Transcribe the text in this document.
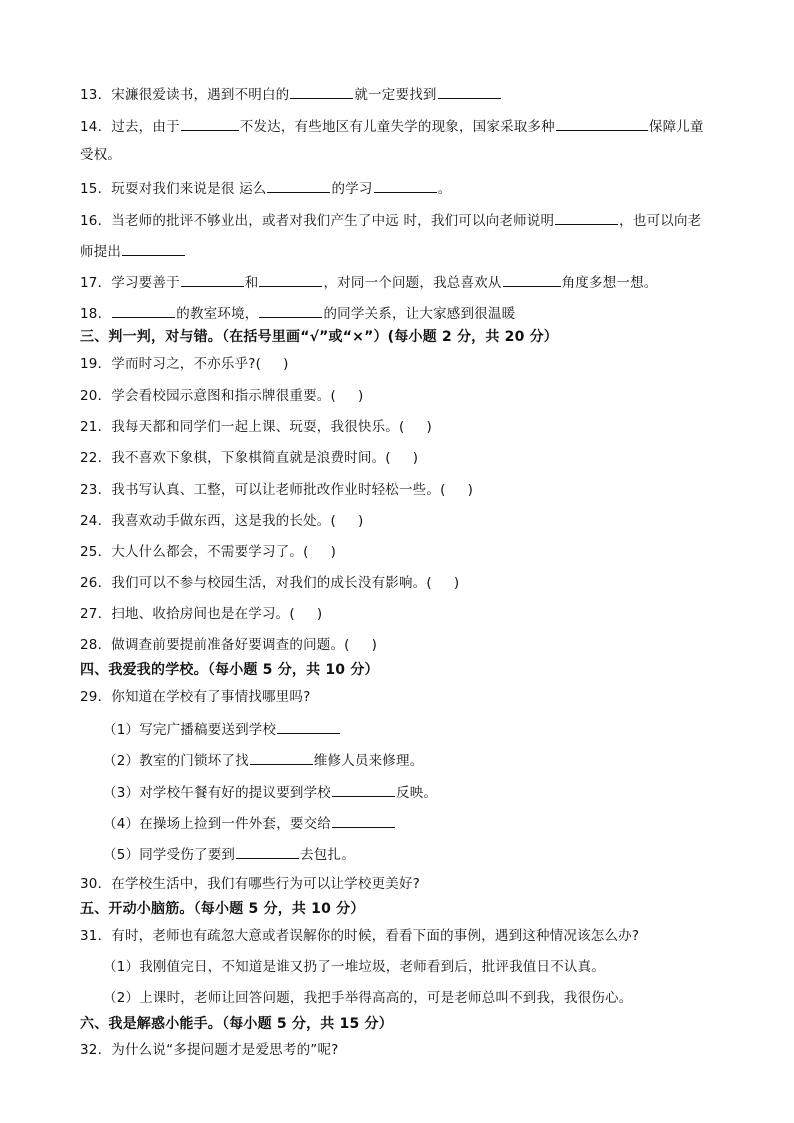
13．宋濂很爱读书，遇到不明白的	就一定要找到
14．过去，由于	不发达，有些地区有儿童失学的现象，国家采取多种	保障儿童
受权。
15．玩耍对我们来说是很 运么	的学习	。
16．当老师的批评不够业出，或者对我们产生了中远 时，我们可以向老师说明	，也可以向老
师提出
17．学习要善于	和	，对同一个问题，我总喜欢从	角度多想一想。
18．	的教室环境，	的同学关系，让大家感到很温暖
三、判一判，对与错。（在括号里画“√”或“×”）(每小题 2 分，共 20 分）
19．学而时习之，不亦乐乎?( )
20．学会看校园示意图和指示牌很重要。( )
21．我每天都和同学们一起上课、玩耍，我很快乐。( )
22．我不喜欢下象棋，下象棋简直就是浪费时间。( )
23．我书写认真、工整，可以让老师批改作业时轻松一些。( )
24．我喜欢动手做东西，这是我的长处。( )
25．大人什么都会，不需要学习了。( )
26．我们可以不参与校园生活，对我们的成长没有影响。( )
27．扫地、收拾房间也是在学习。( )
28．做调查前要提前准备好要调查的问题。( )
四、我爱我的学校。（每小题 5 分，共 10 分）
29．你知道在学校有了事情找哪里吗?
（1）写完广播稿要送到学校
（2）教室的门锁坏了找	维修人员来修理。
（3）对学校午餐有好的提议要到学校	反映。
（4）在操场上捡到一件外套，要交给
（5）同学受伤了要到	去包扎。
30．在学校生活中，我们有哪些行为可以让学校更美好?
五、开动小脑筋。（每小题 5 分，共 10 分）
31．有时，老师也有疏忽大意或者误解你的时候，看看下面的事例，遇到这种情况该怎么办?
（1）我刚值完日，不知道是谁又扔了一堆垃圾，老师看到后，批评我值日不认真。
（2）上课时，老师让回答问题，我把手举得高高的，可是老师总叫不到我，我很伤心。
六、我是解惑小能手。（每小题 5 分，共 15 分）
32．为什么说“多提问题才是爱思考的”呢?
